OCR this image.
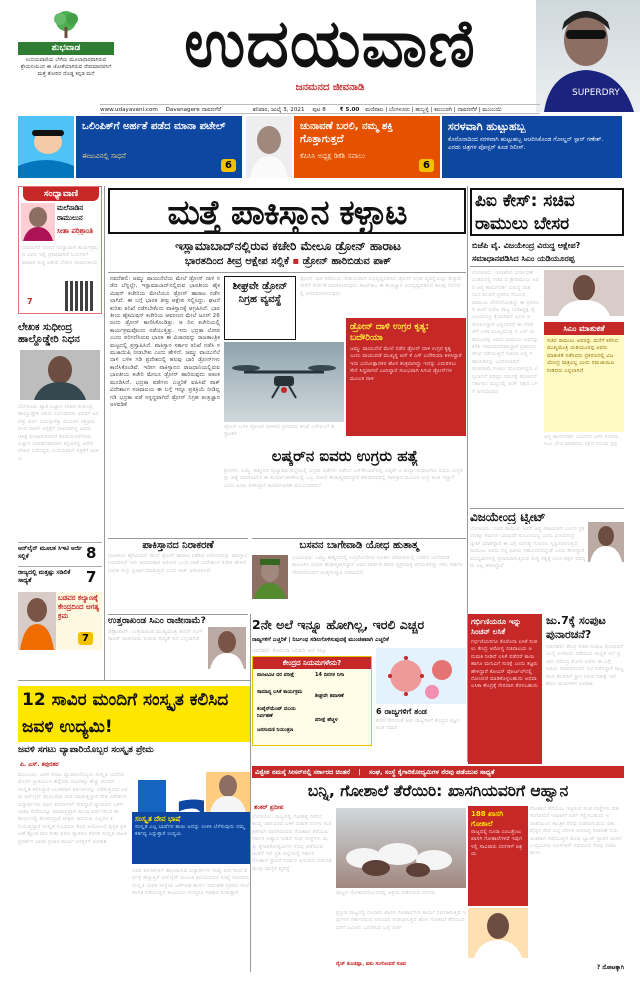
ಶುಭವಾಡ
ಉದಯವಾಣಿಯ ಬೆಳೆಯ ಮೂಲಾಧಾರವಾಗಿರುವ ಶ್ರೇಯನಿಯಿಂದ ಈ ಜೋತೆಯಾಗಿರುವ ದೇವಮಾನವನಿಗೆ ಮತ್ತೆ ತೋರಿದ ದೊಡ್ಡ ಕನ್ನಡ ಮನೆ	ಉದಯವಾಣಿ
ಜನಮನದ ಜೀವನಾಡಿ	SUPERDRY
www.udayavani.com Davanagere ದಾವಣಗೆರೆ	ಶನಿವಾರ, ಜುಲೈ 3, 2021 ಪುಟ 8 ₹ 5.00 ಮಣಿಪಾಲ | ಬೆಂಗಳೂರು | ಹುಬ್ಬಳ್ಳಿ | ಕಲಬುರಗಿ | ದಾವಣಗೆರೆ | ಮುಂಬಯಿ
ಒಲಿಂಪಿಕ್‌ಗೆ ಅರ್ಹತೆ ಪಡೆದ ಮಾನಾ ಪಟೇಲ್‌
ಈಜುವಿನಲ್ಲಿ ಸಾಧನೆ
6
ಚುನಾವಣೆ ಬರಲಿ, ನಮ್ಮ ಶಕ್ತಿ ಗೊತ್ತಾಗುತ್ತದೆ
ಕೆಪಿಸಿಸಿ ಅಧ್ಯಕ್ಷ ಡಿಕೆಶಿ ಸವಾಲು
6
ಸರಳವಾಗಿ ಹುಟ್ಟುಹಬ್ಬ
ಕೊರೊನಾದಿಂದ ಸರಳವಾಗಿ ಹುಟ್ಟುಹಬ್ಬ ಆಚರಿಸಿಕೊಂಡ ಗೋಲ್ಡನ್ ಸ್ಟಾರ್ ಗಣೇಶ್‌. ಎರಡು ಚಿತ್ರಗಳ ಪೋಸ್ಟರ್ ಕೂಡ ರಿಲೀಸ್.
ಸಂಧ್ಯಾವಾಣಿ
ಮಲೆನಾಡಿನ
ರಾಮುಲುನ
ಸೀತಾ ಪರಿಶ್ರಾಂತಿ
ದಾವಣಗೆರೆ ನಗರದ ಸಂಧ್ಯಾವಾಣಿ ಕಾರ್ಯಕ್ರಮದ ವಿವರ ಇಲ್ಲಿ ಪ್ರಕಟವಾಗಿದೆ ಓದುಗರಿಗೆ ಮಾಹಿತಿ ಸುದ್ದಿ ವಿಶೇಷ ಲೇಖನ ಸಂಪಾದಕೀಯ
7
ಲೇಖಕ ಸುಧೀಂದ್ರ ಹಾಲ್ದೊಡ್ಡೇರಿ ನಿಧನ
ಬೆಂಗಳೂರು ಖ್ಯಾತ ವಿಜ್ಞಾನ ಲೇಖಕ ಸುಧೀಂದ್ರ ಹಾಲ್ದೊಡ್ಡೇರಿ ಅವರು ನಿಧನರಾದರು ಅವರಿಗೆ ಅರವತ್ತು ವರ್ಷ ವಯಸ್ಸಾಗಿತ್ತು ಮೆದುಳಿನ ರಕ್ತಸ್ರಾವದಿಂದ ಖಾಸಗಿ ಆಸ್ಪತ್ರೆಗೆ ದಾಖಲಾಗಿದ್ದ ಅವರು ಚಿಕಿತ್ಸೆ ಫಲಕಾರಿಯಾಗದೆ ಕೊನೆಯುಸಿರೆಳೆದರು ವಿಜ್ಞಾನ ಸಂವಹನಕಾರರಾಗಿ ಕನ್ನಡದಲ್ಲಿ ಅನೇಕ ಲೇಖನ ಬರೆದಿದ್ದರು ಉದಯವಾಣಿ ಪತ್ರಿಕೆಗೆ ಅಂಕಣ
ಆನ್‌ಲೈನ್ ಮೂಲಕ ಸಿಇಟಿ ಅರ್ಜಿ ಸಲ್ಲಿಕೆ	8
ರಾಜ್ಯದಲ್ಲಿ ಮತ್ತಷ್ಟು ಸಡಿಲಿಕೆ ಸಾಧ್ಯತೆ	7
ಬಡವರ ಕಲ್ಯಾಣಕ್ಕೆ ಕೇಂದ್ರದಿಂದ ಅಗತ್ಯ ಕ್ರಮ
7
ಮತ್ತೆ ಪಾಕಿಸ್ತಾನ ಕಳ್ಳಾಟ
ಇಸ್ಲಾಮಾಬಾದ್‌ನಲ್ಲಿರುವ ಕಚೇರಿ ಮೇಲೂ ಡ್ರೋನ್‌ ಹಾರಾಟ
ಭಾರತದಿಂದ ತೀವ್ರ ಆಕ್ಷೇಪ ಸಲ್ಲಿಕೆ ▪ ಡ್ರೋನ್ ಹಾರಿಬಿಡುವ ಪಾಕ್

ನವದೆಹಲಿ: ಜಮ್ಮು ವಾಯುನೆಲೆಯ ಮೇಲೆ ಡ್ರೋನ್ ದಾಳಿ ನಡೆದ ಬೆನ್ನಲ್ಲೇ, ಇಸ್ಲಾಮಾಬಾದ್‌ನಲ್ಲಿರುವ ಭಾರತೀಯ ಹೈಕಮಿಷನ್ ಕಚೇರಿಯ ಮೇಲೆಯೂ ಡ್ರೋನ್ ಹಾರಾಟ ನಡೆಸಲಾಗಿದೆ. ಈ ಬಗ್ಗೆ ಭಾರತ ತೀವ್ರ ಆಕ್ಷೇಪ ಸಲ್ಲಿಸಿದ್ದು, ಘಟನೆ ಕುರಿತು ತನಿಖೆ ನಡೆಸಬೇಕೆಂದು ಪಾಕಿಸ್ತಾನಕ್ಕೆ ಆಗ್ರಹಿಸಿದೆ. ಭಾರತೀಯ ಹೈಕಮಿಷನ್ ಕಚೇರಿಯ ಆವರಣದ ಮೇಲೆ ಜೂನ್ 26ರಂದು ಡ್ರೋನ್ ಕಾಣಿಸಿಕೊಂಡಿತ್ತು. ಆ ದಿನ ಕಚೇರಿಯಲ್ಲಿ ಕಾರ್ಯಕ್ರಮವೊಂದು ನಡೆಯುತ್ತಿತ್ತು. ಇದು ಭದ್ರತಾ ಲೋಪ ಎಂದು ಪರಿಗಣಿಸಿರುವ ಭಾರತ ಈ ವಿಚಾರವನ್ನು ರಾಜತಾಂತ್ರಿಕ ಮಟ್ಟದಲ್ಲಿ ಪ್ರಸ್ತಾಪಿಸಿದೆ. ಪಾಕಿಸ್ತಾನ ಸರ್ಕಾರ ತನಿಖೆ ನಡೆಸಿ ಸಮಜಾಯಿಷಿ ನೀಡಬೇಕು ಎಂದು ಹೇಳಿದೆ. ಜಮ್ಮು ವಾಯುನೆಲೆ ದಾಳಿ ಬಳಿಕ ಗಡಿ ಪ್ರದೇಶದಲ್ಲಿ ಹಲವು ಬಾರಿ ಡ್ರೋನ್‌ಗಳು ಕಾಣಿಸಿಕೊಂಡಿವೆ. ಇದೀಗ ಪಾಕಿಸ್ತಾನದ ರಾಜಧಾನಿಯಲ್ಲಿರುವ ಭಾರತೀಯ ಕಚೇರಿ ಮೇಲೂ ಡ್ರೋನ್ ಹಾರಿರುವುದು ಆತಂಕ ಮೂಡಿಸಿದೆ. ಭದ್ರತಾ ಪಡೆಗಳು ಎಚ್ಚರಿಕೆ ವಹಿಸಿವೆ ಪಾಕ್ ವಿದೇಶಾಂಗ ಸಚಿವಾಲಯ ಈ ಬಗ್ಗೆ ಇನ್ನೂ ಪ್ರತಿಕ್ರಿಯೆ ನೀಡಿಲ್ಲ ಗಡಿ ಭದ್ರತಾ ಪಡೆ ಸನ್ನದ್ಧವಾಗಿದೆ ಡ್ರೋನ್ ನಿಗ್ರಹ ತಂತ್ರಜ್ಞಾನ ಅಳವಡಿಕೆ

ಶೀಘ್ರವೇ ಡ್ರೋನ್ ನಿಗ್ರಹ ವ್ಯವಸ್ಥೆ
ಡ್ರೋನ್ ದಾಳಿ ತಡೆಯಲು ದೇಶೀಯವಾಗಿ ಅಭಿವೃದ್ಧಿಪಡಿಸಿದ ಡ್ರೋನ್ ನಿಗ್ರಹ ವ್ಯವಸ್ಥೆಯನ್ನು ಶೀಘ್ರವೇ ಸೇನೆಗೆ ಸೇರ್ಪಡೆ ಮಾಡಲಾಗುವುದು ಡಿಆರ್‌ಡಿಒ ಈ ತಂತ್ರಜ್ಞಾನ ಅಭಿವೃದ್ಧಿಪಡಿಸಿದೆ ಹಲವು ನೆಲೆಗಳಲ್ಲಿ ಅಳವಡಿಸಲಾಗುವುದು
ಡ್ರೋನ್‌ ದಾಳಿ ಉಗ್ರರ ಕೃತ್ಯ: ಬದೌರಿಯಾ
ಜಮ್ಮು ವಾಯುನೆಲೆ ಮೇಲೆ ನಡೆದ ಡ್ರೋನ್ ದಾಳಿ ಉಗ್ರರ ಕೃತ್ಯ ಎಂದು ವಾಯುಪಡೆ ಮುಖ್ಯಸ್ಥ ಆರ್ ಕೆ ಎಸ್ ಬದೌರಿಯಾ ತಿಳಿಸಿದ್ದಾರೆ ಇದು ಭಯೋತ್ಪಾದಕರ ಹೊಸ ತಂತ್ರವಾಗಿದ್ದು ಇದನ್ನು ಎದುರಿಸಲು ಸೇನೆ ಸಿದ್ಧವಾಗಿದೆ ಎಂದಿದ್ದಾರೆ ಸುಲಭವಾಗಿ ಸಿಗುವ ಡ್ರೋನ್‌ಗಳ ಮೂಲಕ ದಾಳಿ
ಡ್ರೋನ್ ಬಳಸಿ ಸ್ಫೋಟಕ ಬೀಳಿಸಿದ ಪ್ರಕರಣದ ತನಿಖೆ ಎನ್‌ಐಎಗೆ ಹಸ್ತಾಂತರ
ಲಷ್ಕರ್‌ನ ಐವರು ಉಗ್ರರು ಹತ್ಯೆ
ಶ್ರೀನಗರ: ಜಮ್ಮು ಕಾಶ್ಮೀರದ ಪುಲ್ವಾಮಾ ಜಿಲ್ಲೆಯಲ್ಲಿ ಭದ್ರತಾ ಪಡೆಗಳು ನಡೆಸಿದ ಎನ್‌ಕೌಂಟರ್‌ನಲ್ಲಿ ಲಷ್ಕರ್ ಎ ತಯ್ಬಾ ಸಂಘಟನೆಯ ಐವರು ಉಗ್ರರನ್ನು ಹತ್ಯೆ ಮಾಡಲಾಗಿದೆ ಈ ಕಾರ್ಯಾಚರಣೆಯಲ್ಲಿ ಒಬ್ಬ ಯೋಧ ಹುತಾತ್ಮರಾಗಿದ್ದಾರೆ ಹತರಾದವರಲ್ಲಿ ಪಾಕಿಸ್ತಾನ ಮೂಲದ ಉಗ್ರ ಕೂಡ ಇದ್ದಾನೆ ಎಂದು ಐಜಿಪಿ ತಿಳಿಸಿದ್ದಾರೆ ಕಾರ್ಯಾಚರಣೆ ಮುಂದುವರಿದಿದೆ
ಪಾಕಿಸ್ತಾನದ ನಿರಾಕರಣೆ
ಭಾರತೀಯ ಹೈಕಮಿಷನ್ ಮೇಲೆ ಡ್ರೋನ್ ಹಾರಾಟ ನಡೆಸಿದ ಆರೋಪವನ್ನು ಪಾಕಿಸ್ತಾನ ನಿರಾಕರಿಸಿದೆ ಇದು ಆಧಾರರಹಿತ ಆರೋಪ ಎಂದು ಪಾಕ್ ವಿದೇಶಾಂಗ ಕಚೇರಿ ಹೇಳಿದೆ ಭಾರತ ಸುಳ್ಳು ಪ್ರಚಾರ ಮಾಡುತ್ತಿದೆ ಎಂದು ಪಾಕ್ ಆರೋಪಿಸಿದೆ
ಬಸವನ ಬಾಗೇವಾಡಿ ಯೋಧ ಹುತಾತ್ಮ
ವಿಜಯಪುರ: ಜಮ್ಮು ಕಾಶ್ಮೀರದಲ್ಲಿ ಉಗ್ರರೊಂದಿಗಿನ ಗುಂಡಿನ ಚಕಮಕಿಯಲ್ಲಿ ಬಸವನ ಬಾಗೇವಾಡಿ ತಾಲೂಕಿನ ಯೋಧ ಹುತಾತ್ಮರಾಗಿದ್ದಾರೆ ಅವರ ಪಾರ್ಥಿವ ಶರೀರ ಸ್ವಗ್ರಾಮಕ್ಕೆ ಆಗಮಿಸಲಿದ್ದು ಸಕಲ ಸರ್ಕಾರಿ ಗೌರವದೊಂದಿಗೆ ಅಂತ್ಯಸಂಸ್ಕಾರ ನಡೆಯಲಿದೆ
ಉತ್ತರಾಖಂಡ ಸಿಎಂ ರಾಜೀನಾಮೆ?
ಡೆಹ್ರಾಡೂನ್: ಉತ್ತರಾಖಂಡ ಮುಖ್ಯಮಂತ್ರಿ ತೀರಥ್ ಸಿಂಗ್ ರಾವತ್ ರಾಜೀನಾಮೆ ನೀಡುವ ಸಾಧ್ಯತೆ ಇದೆ ಎನ್ನಲಾಗಿದೆ
2ನೇ ಅಲೆ ಇನ್ನೂ ಹೋಗಿಲ್ಲ, ಇರಲಿ ಎಚ್ಚರ
ರಾಜ್ಯಗಳಿಗೆ ಎಚ್ಚರಿಕೆ | ನಿರ್ಬಂಧ ಸಡಿಲಗೊಳಿಸುವುದಕ್ಕೆ ಮುಂಚಿತವಾಗಿ ಎಚ್ಚರಿಕೆ
ನವದೆಹಲಿ: ಕೊರೊನಾ ಎರಡನೇ ಅಲೆ ಇನ್ನೂ
ಕೇಂದ್ರದ ನಿಯಮಗಳೇನು?
ಪಾಸಿಟಿವಿಟಿ ದರ ಪರೀಕ್ಷೆ
ಸಾಮಾನ್ಯ ಲಸಿಕೆ ಕಾರ್ಯಕ್ರಮ
ಕಂಟೈನ್‌ಮೆಂಟ್ ವಲಯ ನಿರ್ವಹಣೆ
ಜನಸಂದಣಿ ನಿಯಂತ್ರಣ
14 ದಿನಗಳ ನಿಗಾ
ಶೀಘ್ರವೇ ತಪಾಸಣೆ
ಪರೀಕ್ಷೆ ಹೆಚ್ಚಳ
6 ರಾಜ್ಯಗಳಿಗೆ ತಂಡ
ಕೇರಳ ಸೇರಿದಂತೆ ಆರು ರಾಜ್ಯಗಳಿಗೆ ಕೇಂದ್ರದ ತಜ್ಞರ ತಂಡ ರವಾನೆ
ಪಿಐ ಕೇಸ್: ಸಚಿವ ರಾಮುಲು ಬೇಸರ
ಬಿಜೆಪಿ ವೈ. ವಿಜಯೇಂದ್ರ ವಿರುದ್ಧ ಆಕ್ಷೇಪ?
ಸಮಾಧಾನಪಡಿಸಿದ ಸಿಎಂ ಯಡಿಯೂರಪ್ಪ
ಬೆಂಗಳೂರು: ಇಲಾಖೆಯ ವರ್ಗಾವಣೆ ವಿಚಾರದಲ್ಲಿ ಸಚಿವ ಬಿ ಶ್ರೀರಾಮುಲು ಅವರ ಆಪ್ತ ಕಾರ್ಯದರ್ಶಿ ವಿರುದ್ಧ ದಾಖಲಾದ ವಂಚನೆ ಪ್ರಕರಣ ಸಂಬಂಧ ರಾಮುಲು ಬೇಸರಗೊಂಡಿದ್ದು ಈ ಪ್ರಕರಣದ ಹಿಂದೆ ಬಿಜೆಪಿ ರಾಜ್ಯ ಉಪಾಧ್ಯಕ್ಷ ವೈ ವಿಜಯೇಂದ್ರ ಕೈವಾಡವಿದೆ ಎಂದು ಆರೋಪಿಸಿದ್ದಾರೆ ಎನ್ನಲಾಗಿದೆ ಈ ಬೆಳವಣಿಗೆ ಬಳಿಕ ಮುಖ್ಯಮಂತ್ರಿ ಬಿ ಎಸ್ ಯಡಿಯೂರಪ್ಪ ಅವರು ರಾಮುಲು ಅವರನ್ನು ಕರೆಸಿ ಸಮಾಧಾನಪಡಿಸಿದ್ದಾರೆ ಪ್ರಕರಣದ ತನಿಖೆ ನಡೆಯುತ್ತಿದೆ ಸಚಿವರ ಆಪ್ತ ಸಹಾಯಕನನ್ನು ಬಂಧಿಸಲಾಗಿದೆ ರಾಜೀನಾಮೆ ನೀಡಲು ಮುಂದಾಗಿದ್ದರು ಎನ್ನಲಾಗಿದೆ ವರಿಷ್ಠರ ಗಮನಕ್ಕೆ ತರಲಾಗಿದೆ ಸರ್ಕಾರದ ಮಟ್ಟದಲ್ಲಿ ಚರ್ಚೆ ಪಕ್ಷದ ಒಳಗೆ ಅಸಮಾಧಾನ
ಸಿಎಂ ಮಾತುಕತೆ
ಸಚಿವ ರಾಮುಲು ಅವರನ್ನು ಮನೆಗೆ ಕರೆಸಿದ ಮುಖ್ಯಮಂತ್ರಿ ಯಡಿಯೂರಪ್ಪ ಅವರು ಮಾತುಕತೆ ನಡೆಸಿದರು ಪ್ರಕರಣದಲ್ಲಿ ವಿಜಯೇಂದ್ರ ಪಾತ್ರವಿಲ್ಲ ಎಂದು ಸಮಜಾಯಿಷಿ ನೀಡಿದರು ಎನ್ನಲಾಗಿದೆ
ಆಪ್ತ ಕಾರ್ಯದರ್ಶಿ ಬಂಧನದ ಬಳಿಕ ಸಚಿವರು ಸಿಎಂ ಭೇಟಿ ಮಾಡಿದರು ಪಕ್ಷದ ನಿಲುವು ಸ್ಪಷ್ಟ
ವಿಜಯೇಂದ್ರ ಟ್ವೀಟ್
ಬೆಂಗಳೂರು: ಸಚಿವ ರಾಮುಲು ಅವರ ಆಪ್ತ ಸಹಾಯಕನ ಬಂಧನ ಪ್ರಕರಣಕ್ಕೂ ತಮಗೂ ಯಾವುದೇ ಸಂಬಂಧವಿಲ್ಲ ಎಂದು ವಿಜಯೇಂದ್ರ ಟ್ವೀಟ್ ಮಾಡಿದ್ದಾರೆ ಈ ಬಗ್ಗೆ ಅನಗತ್ಯ ಗೊಂದಲ ಸೃಷ್ಟಿಸಲಾಗುತ್ತಿದೆ ರಾಮುಲು ಅವರು ನನ್ನ ಹಿರಿಯ ಸಹೋದರರಿದ್ದಂತೆ ಎಂದು ಹೇಳಿದ್ದಾರೆ ಮಾಧ್ಯಮಗಳಲ್ಲಿ ಪ್ರಸಾರವಾಗುತ್ತಿರುವ ಸುದ್ದಿ ಸತ್ಯಕ್ಕೆ ದೂರ ಪಕ್ಷದ ವರಿಷ್ಠರು ಎಲ್ಲ ತಿಳಿದಿದ್ದಾರೆ
ಗರ್ಭಿಣಿಯರೂ ಇನ್ನು ಸಿಂಚನ್ ಲಸಿಕೆ
ಗರ್ಭಿಣಿಯರಿಗೂ ಕೊರೊನಾ ಲಸಿಕೆ ನೀಡಲು ಕೇಂದ್ರ ಆರೋಗ್ಯ ಸಚಿವಾಲಯ ಅನುಮತಿ ನೀಡಿದೆ ಲಸಿಕೆ ಪಡೆದರೆ ತಾಯಿ ಹಾಗೂ ಮಗುವಿಗೆ ಸುರಕ್ಷೆ ಎಂದು ತಜ್ಞರು ಹೇಳಿದ್ದಾರೆ ಕೋವಿನ್ ಪೋರ್ಟಲ್‌ನಲ್ಲಿ ನೋಂದಣಿ ಮಾಡಿಕೊಳ್ಳಬಹುದು ಅಥವಾ ಲಸಿಕಾ ಕೇಂದ್ರಕ್ಕೆ ನೇರವಾಗಿ ತೆರಳಬಹುದು
ಜು.7ಕ್ಕೆ ಸಂಪುಟ ಪುನಾರಚನೆ?
ನವದೆಹಲಿ: ಕೇಂದ್ರ ಸಚಿವ ಸಂಪುಟ ಪುನಾರಚನೆ ಜುಲೈ ಏಳರಂದು ನಡೆಯುವ ಸಾಧ್ಯತೆ ಇದೆ ಪ್ರಧಾನಿ ನರೇಂದ್ರ ಮೋದಿ ಅವರು ಈ ಬಗ್ಗೆ ಹಿರಿಯ ಸಚಿವರೊಂದಿಗೆ ಸಭೆ ನಡೆಸಿದ್ದಾರೆ ರಾಜ್ಯದಿಂದ ಕೆಲವರಿಗೆ ಸ್ಥಾನ ಸಿಗುವ ನಿರೀಕ್ಷೆ ಇದೆ ಹೊಸ ಮುಖಗಳಿಗೆ ಅವಕಾಶ
12 ಸಾವಿರ ಮಂದಿಗೆ ಸಂಸ್ಕೃತ ಕಲಿಸಿದ ಜವಳಿ ಉದ್ಯಮಿ!
ಜವಳಿ ಸಗಟು ವ್ಯಾಪಾರಿಯೊಬ್ಬರ ಸಂಸ್ಕೃತ ಪ್ರೇಮ
ಪಿ. ಎಸ್. ಕವುರತರ
ಮುಂಬಯಿ: ಜವಳಿ ಸಗಟು ವ್ಯಾಪಾರಿಯೊಬ್ಬರು ಸಂಸ್ಕೃತ ಭಾಷೆಯ ಮೇಲಿನ ಪ್ರೀತಿಯಿಂದ ಹನ್ನೆರಡು ಸಾವಿರಕ್ಕೂ ಹೆಚ್ಚು ಮಂದಿಗೆ ಸಂಸ್ಕೃತ ಕಲಿಸಿದ್ದಾರೆ ಉಚಿತವಾಗಿ ತರಗತಿಗಳನ್ನು ನಡೆಸುತ್ತಿರುವ ಅವರು ಆನ್‌ಲೈನ್ ಮೂಲಕವೂ ಪಾಠ ಮಾಡುತ್ತಿದ್ದಾರೆ ದೇಶ ವಿದೇಶಗಳ ವಿದ್ಯಾರ್ಥಿಗಳು ಅವರ ತರಗತಿಗಳಿಗೆ ಸೇರಿದ್ದಾರೆ ವ್ಯಾಪಾರದ ಜತೆಗೆ ಭಾಷಾ ಸೇವೆಯನ್ನೂ ಮಾಡುತ್ತಿದ್ದಾರೆ ಹಲವು ವರ್ಷಗಳಿಂದ ಈ ಕಾರ್ಯದಲ್ಲಿ ತೊಡಗಿದ್ದಾರೆ ಮಕ್ಕಳು ಹಿರಿಯರು ಎಲ್ಲರೂ ಕಲಿಯುತ್ತಿದ್ದಾರೆ ಸಂಸ್ಕೃತ ಸಂಭಾಷಣ ಶಿಬಿರ ಆಯೋಜನೆ ಪುಸ್ತಕ ಪ್ರಕಟಣೆ ಶ್ಲೋಕ ಪಾಠ ಗೀತಾ ಪಠಣ ವ್ಯಾಕರಣ ತರಗತಿ ಸಂಸ್ಕೃತ ನಾಟಕ ಪ್ರದರ್ಶನ ಭಾಷಾ ಪ್ರಚಾರ ಕಾರ್ಯ ಆಸಕ್ತರಿಗೆ ಅವಕಾಶ
ಸಂಸ್ಕೃತ ದೇವ ಭಾಷೆ
ಸಂಸ್ಕೃತ ಎಲ್ಲ ಭಾಷೆಗಳ ತಾಯಿ ಅದನ್ನು ಉಳಿಸಿ ಬೆಳೆಸುವುದು ನಮ್ಮ ಕರ್ತವ್ಯ ಎನ್ನುತ್ತಾರೆ ಉದ್ಯಮಿ
ಅವರ ತರಗತಿಗಳಿಗೆ ಹಾಜರಾಗುವ ವಿದ್ಯಾರ್ಥಿಗಳ ಸಂಖ್ಯೆ ವರ್ಷದಿಂದ ವರ್ಷಕ್ಕೆ ಹೆಚ್ಚುತ್ತಿದೆ ಆನ್‌ಲೈನ್ ಮೂಲಕ ಕಲಿಯುವವರ ಸಂಖ್ಯೆ ಸಾವಿರಾರು ಸಂಸ್ಕೃತ ಭಾರತಿ ಸಂಸ್ಥೆಯ ಜತೆಗೂಡಿ ಕಾರ್ಯ ನಿರ್ವಹಣೆ ಪ್ರತಿದಿನ ಸಂಜೆ ತರಗತಿ ನಡೆಯುತ್ತದೆ ಕುಟುಂಬದ ಸದಸ್ಯರೂ ಸಹಕಾರ ನೀಡುತ್ತಾರೆ
ವಿಶ್ವೇಶ ನಮಸ್ಕೆ ಸೀಸನ್‌ನಲ್ಲಿ ಸರ್ಕಾರದ ಚಿಂತನೆ | ಸಂಘ, ಸಂಸ್ಥೆ ಕೈಗಾರಿಕೋದ್ಯಮಿಗಳ ನೆರವು ಪಡೆಯುವ ಸಾಧ್ಯತೆ
ಬನ್ನಿ, ಗೋಶಾಲೆ ತೆರೆಯಿರಿ: ಖಾಸಗಿಯವರಿಗೆ ಆಹ್ವಾನ
ಶಂಕರ್ ಪ್ರದೀಪ
ಬೆಂಗಳೂರು: ರಾಜ್ಯದಲ್ಲಿ ಗೋಹತ್ಯೆ ನಿಷೇಧ ಕಾಯ್ದೆ ಜಾರಿಯಾದ ಬಳಿಕ ಬಿಡಾಡಿ ದನಗಳ ಸಂರಕ್ಷಣೆಗಾಗಿ ಖಾಸಗಿಯವರು ಗೋಶಾಲೆ ತೆರೆಯಲು ಸರ್ಕಾರ ಆಹ್ವಾನ ನೀಡಿದೆ ಸಂಘ ಸಂಸ್ಥೆಗಳು ಮತ್ತು ಕೈಗಾರಿಕೋದ್ಯಮಿಗಳ ನೆರವು ಪಡೆಯುವ ಚಿಂತನೆ ಇದೆ ಪ್ರತಿ ಜಿಲ್ಲೆಯಲ್ಲಿ ಸರ್ಕಾರಿ ಗೋಶಾಲೆ ಸ್ಥಾಪನೆ ನಿರ್ಧಾರ ಅನುದಾನ ಬಿಡುಗಡೆ ಮೇವು ಪೂರೈಕೆ ವ್ಯವಸ್ಥೆ
ರಾಜ್ಯದ ಗೋಶಾಲೆಯೊಂದರಲ್ಲಿ ಆಶ್ರಯ ಪಡೆದಿರುವ ದನಗಳು
ಪ್ರಸ್ತುತ ರಾಜ್ಯದಲ್ಲಿ ನೂರಾರು ಖಾಸಗಿ ಗೋಶಾಲೆಗಳು ಕಾರ್ಯ ನಿರ್ವಹಿಸುತ್ತಿವೆ ಇವುಗಳಿಗೆ ಸರ್ಕಾರದಿಂದ ಅನುದಾನ ನೀಡಲಾಗುತ್ತಿದೆ ಹೊಸ ಗೋಶಾಲೆ ತೆರೆಯುವವರಿಗೆ ಜಮೀನು ಒದಗಿಸುವ ಬಗ್ಗೆ ಚರ್ಚೆ
188 ಖಾಸಗಿ ಗೋಶಾಲೆ
ರಾಜ್ಯದಲ್ಲಿ ನೂರಾ ಎಂಬತ್ತೆಂಟು ಖಾಸಗಿ ಗೋಶಾಲೆಗಳಿವೆ ಇವುಗಳಲ್ಲಿ ಸಾವಿರಾರು ದನಗಳಿಗೆ ಆಶ್ರಯ
ನೈಜ್ ಕುಂಡಪ್ಪಾ, ಪಶು ಸಂಗೋಪನೆ ಸಚಿವ
ಗೋಶಾಲೆ ತೆರೆಯಲು ಇಚ್ಛಿಸುವ ಸಂಘ ಸಂಸ್ಥೆಗಳು ಪಶು ಸಂಗೋಪನೆ ಇಲಾಖೆಗೆ ಅರ್ಜಿ ಸಲ್ಲಿಸಬಹುದು ಇಲಾಖೆಯಿಂದ ತಾಂತ್ರಿಕ ನೆರವು ನೀಡಲಾಗುವುದು ಪಶು ವೈದ್ಯರ ಸೇವೆ ಲಭ್ಯ ದನಗಳ ಆರೋಗ್ಯ ತಪಾಸಣೆ ನಿಯಮಿತವಾಗಿ ನಡೆಯುತ್ತದೆ ಮೇವು ಬ್ಯಾಂಕ್ ಸ್ಥಾಪನೆ ಚಿಂತನೆ ಉದ್ಯಮಿಗಳು ಸಿಎಸ್‌ಆರ್ ನಿಧಿಯಿಂದ ನೆರವು ನೀಡಬಹುದು
? ನೋಟಕ್ಕಾಗಿ
